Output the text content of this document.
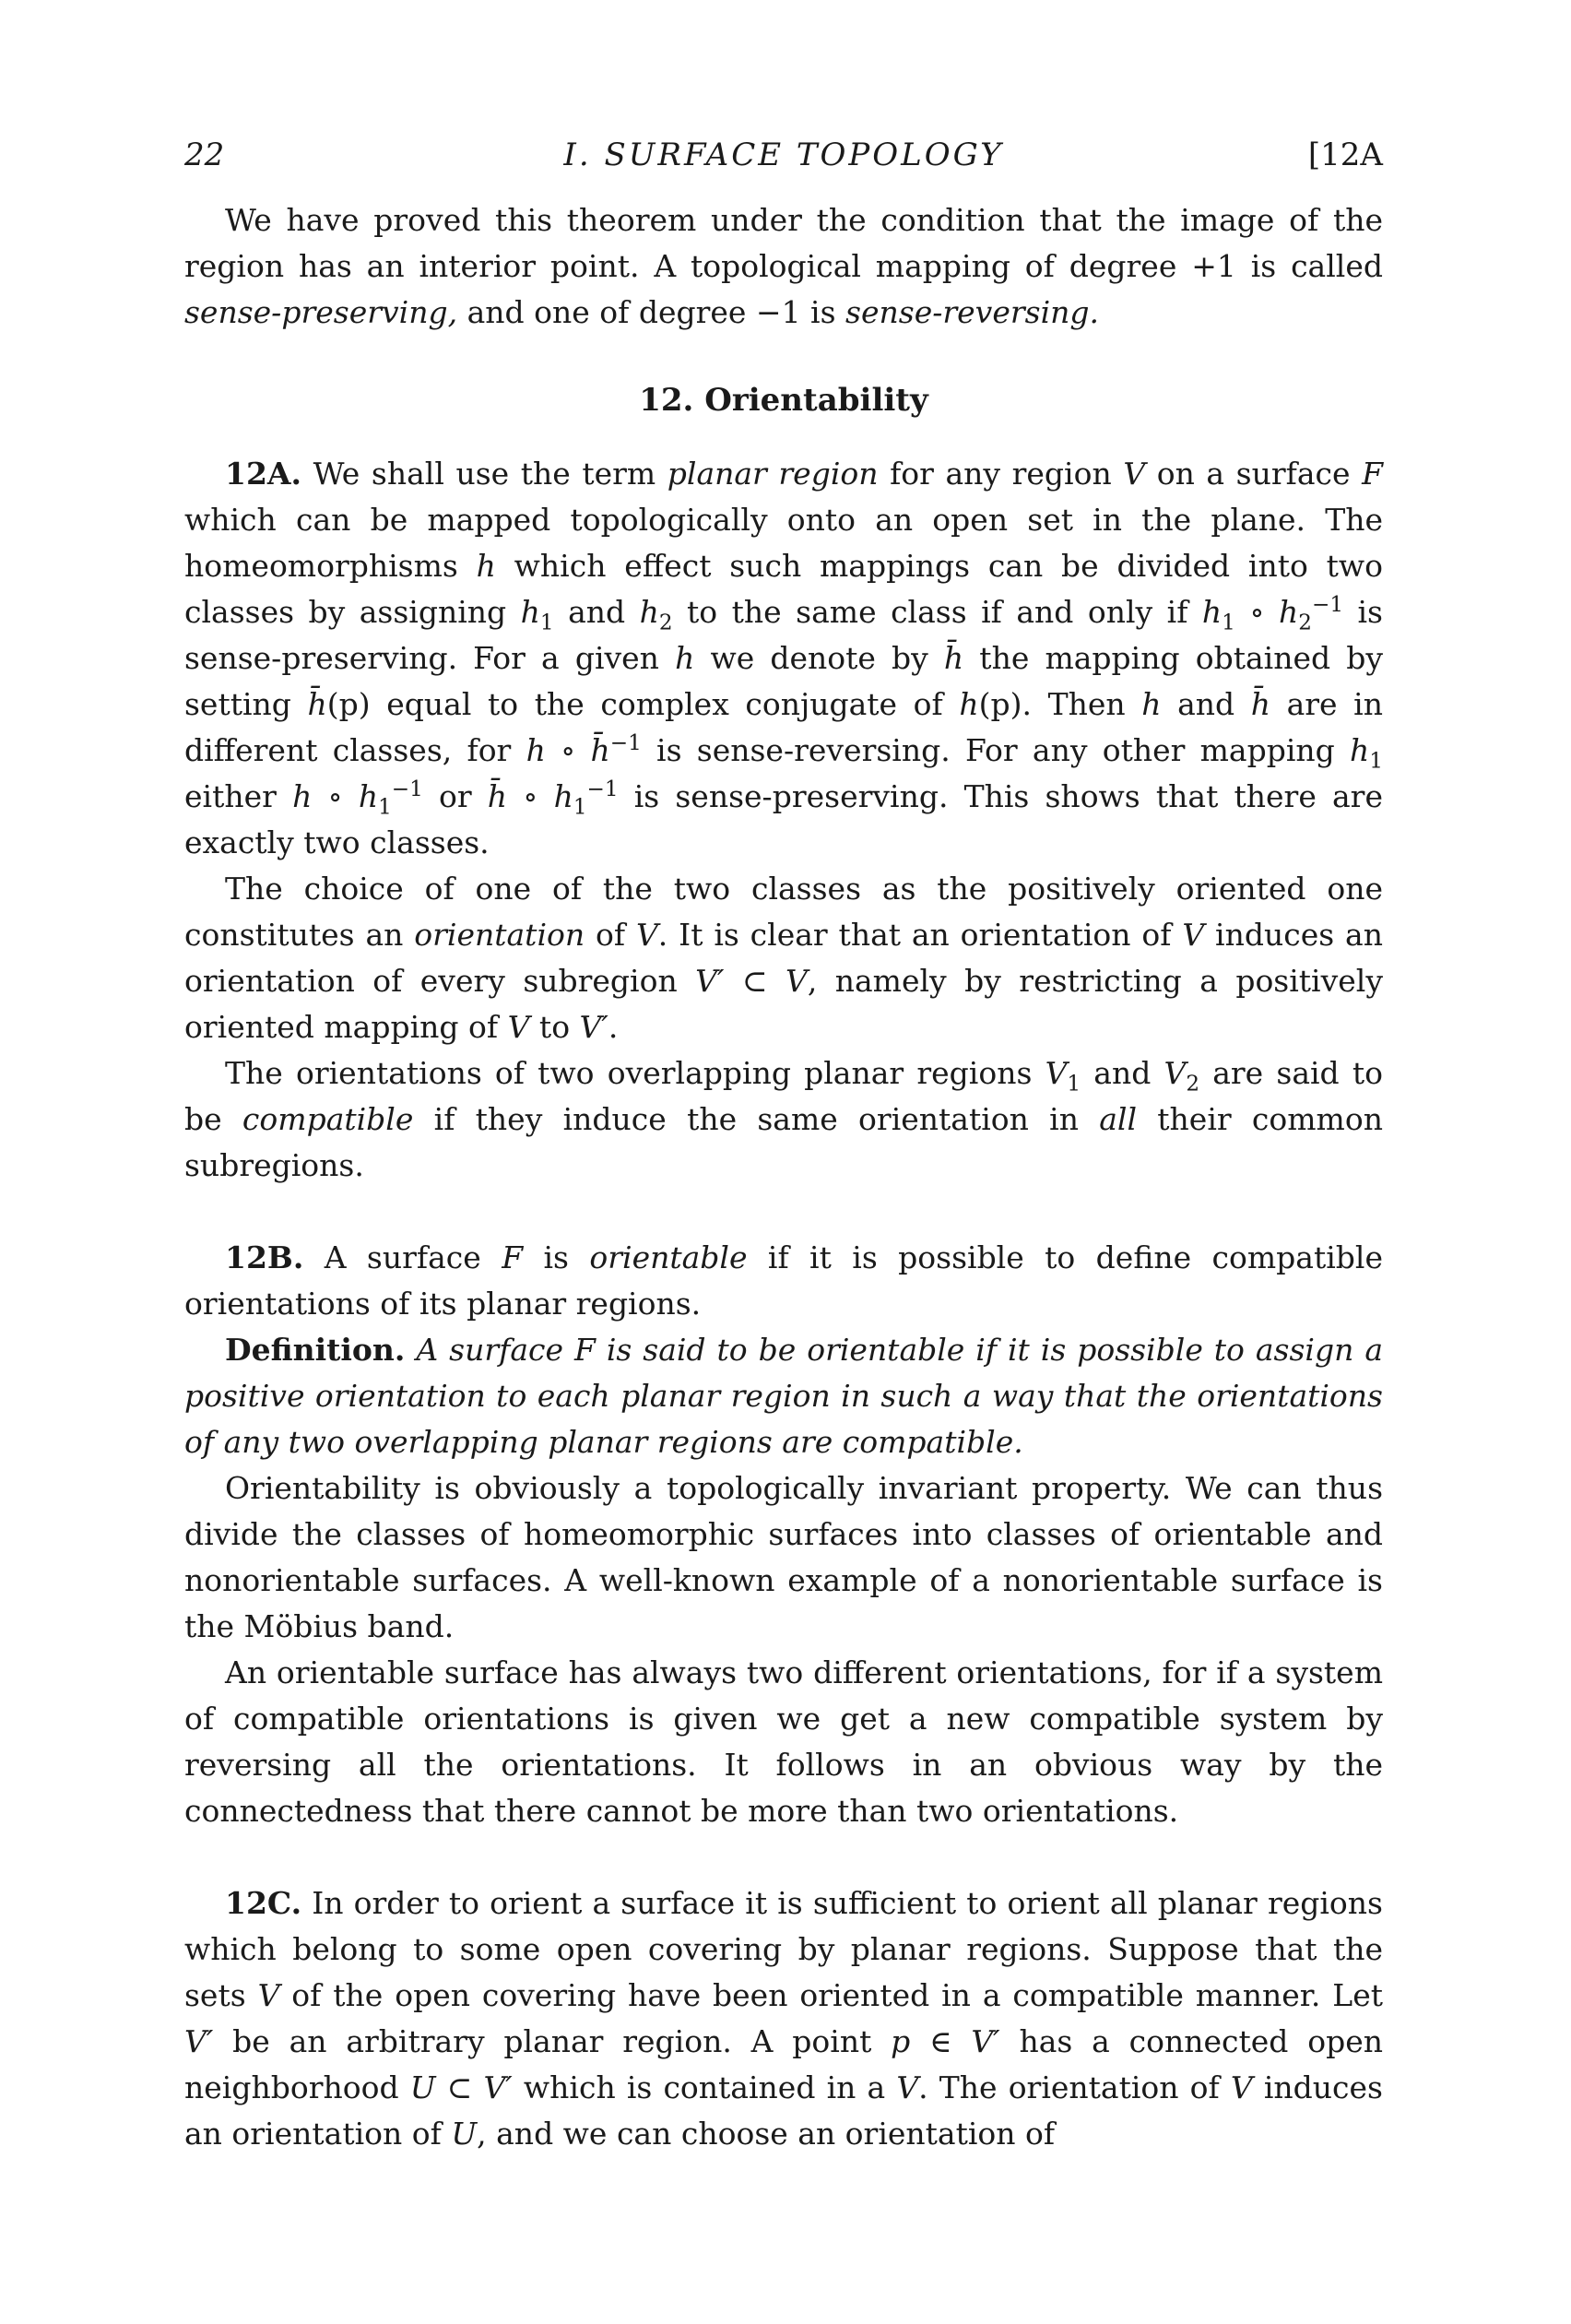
22	I. SURFACE TOPOLOGY	[12A

We have proved this theorem under the condition that the image of the region has an interior point. A topological mapping of degree +1 is called sense-preserving, and one of degree −1 is sense-reversing.

12. Orientability

12A. We shall use the term planar region for any region V on a surface F which can be mapped topologically onto an open set in the plane. The homeomorphisms h which effect such mappings can be divided into two classes by assigning $h_1$ and $h_2$ to the same class if and only if $h_1$ ∘ $h_2^{-1}$ is sense-preserving. For a given h we denote by h̄ the mapping obtained by setting h̄(p) equal to the complex conjugate of h(p). Then h and h̄ are in different classes, for h ∘ h̄$^{-1}$ is sense-reversing. For any other mapping $h_1$ either h ∘ $h_1^{-1}$ or h̄ ∘ $h_1^{-1}$ is sense-preserving. This shows that there are exactly two classes.

The choice of one of the two classes as the positively oriented one constitutes an orientation of V. It is clear that an orientation of V induces an orientation of every subregion V′ ⊂ V, namely by restricting a positively oriented mapping of V to V′.

The orientations of two overlapping planar regions $V_1$ and $V_2$ are said to be compatible if they induce the same orientation in all their common subregions.

12B. A surface F is orientable if it is possible to define compatible orientations of its planar regions.

Definition. A surface F is said to be orientable if it is possible to assign a positive orientation to each planar region in such a way that the orientations of any two overlapping planar regions are compatible.

Orientability is obviously a topologically invariant property. We can thus divide the classes of homeomorphic surfaces into classes of orientable and nonorientable surfaces. A well-known example of a nonorientable surface is the Möbius band.

An orientable surface has always two different orientations, for if a system of compatible orientations is given we get a new compatible system by reversing all the orientations. It follows in an obvious way by the connectedness that there cannot be more than two orientations.

12C. In order to orient a surface it is sufficient to orient all planar regions which belong to some open covering by planar regions. Suppose that the sets V of the open covering have been oriented in a compatible manner. Let V′ be an arbitrary planar region. A point p ∈ V′ has a connected open neighborhood U ⊂ V′ which is contained in a V. The orientation of V induces an orientation of U, and we can choose an orientation of
